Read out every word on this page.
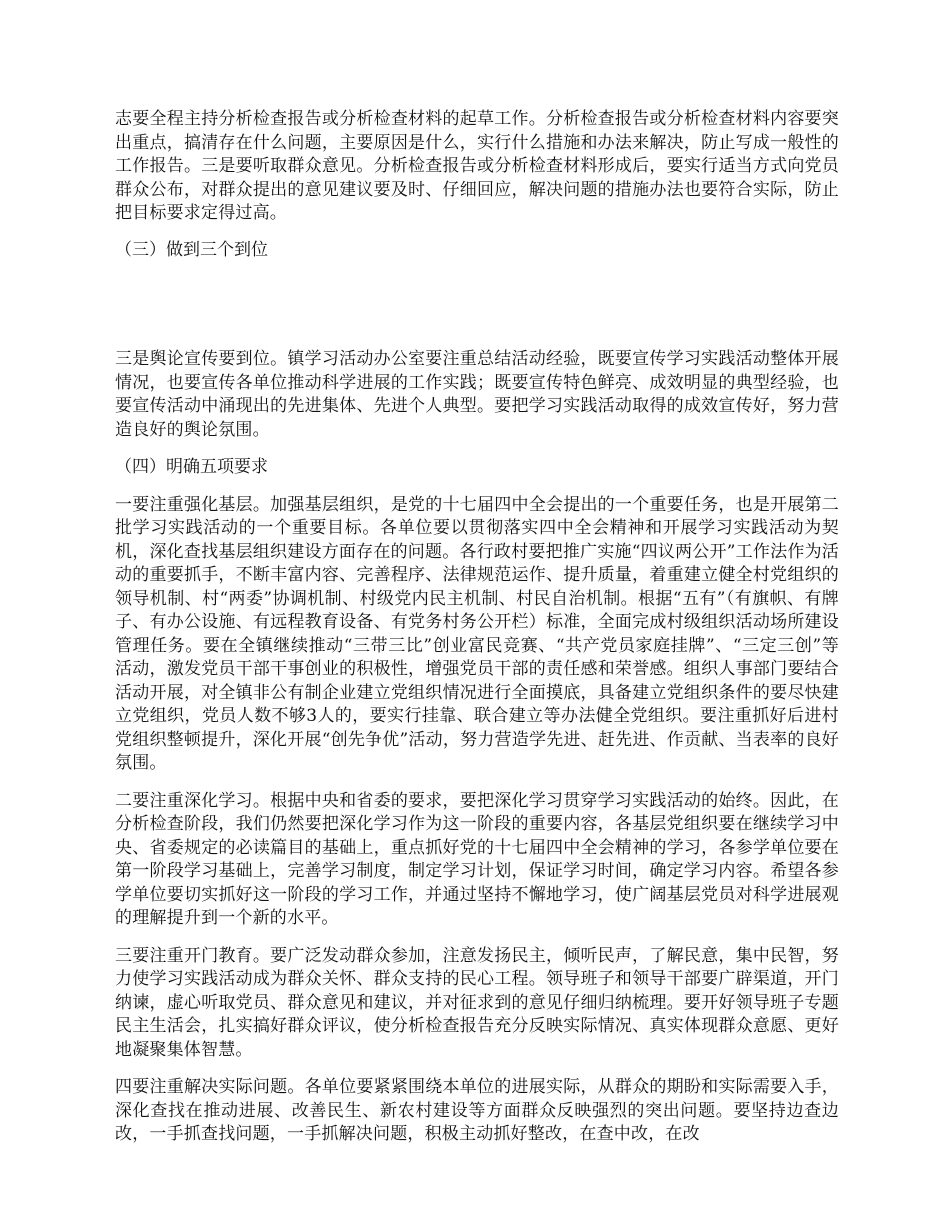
志要全程主持分析检查报告或分析检查材料的起草工作。分析检查报告或分析检查材料内容要突出重点，搞清存在什么问题，主要原因是什么，实行什么措施和办法来解决，防止写成一般性的工作报告。三是要听取群众意见。分析检查报告或分析检查材料形成后，要实行适当方式向党员群众公布，对群众提出的意见建议要及时、仔细回应，解决问题的措施办法也要符合实际，防止把目标要求定得过高。

（三）做到三个到位

三是舆论宣传要到位。镇学习活动办公室要注重总结活动经验，既要宣传学习实践活动整体开展情况，也要宣传各单位推动科学进展的工作实践；既要宣传特色鲜亮、成效明显的典型经验，也要宣传活动中涌现出的先进集体、先进个人典型。要把学习实践活动取得的成效宣传好，努力营造良好的舆论氛围。

（四）明确五项要求

一要注重强化基层。加强基层组织，是党的十七届四中全会提出的一个重要任务，也是开展第二批学习实践活动的一个重要目标。各单位要以贯彻落实四中全会精神和开展学习实践活动为契机，深化查找基层组织建设方面存在的问题。各行政村要把推广实施“四议两公开”工作法作为活动的重要抓手，不断丰富内容、完善程序、法律规范运作、提升质量，着重建立健全村党组织的领导机制、村“两委”协调机制、村级党内民主机制、村民自治机制。根据“五有”（有旗帜、有牌子、有办公设施、有远程教育设备、有党务村务公开栏）标准，全面完成村级组织活动场所建设管理任务。要在全镇继续推动“三带三比”创业富民竞赛、“共产党员家庭挂牌”、“三定三创”等活动，激发党员干部干事创业的积极性，增强党员干部的责任感和荣誉感。组织人事部门要结合活动开展，对全镇非公有制企业建立党组织情况进行全面摸底，具备建立党组织条件的要尽快建立党组织，党员人数不够3人的，要实行挂靠、联合建立等办法健全党组织。要注重抓好后进村党组织整顿提升，深化开展“创先争优”活动，努力营造学先进、赶先进、作贡献、当表率的良好氛围。

二要注重深化学习。根据中央和省委的要求，要把深化学习贯穿学习实践活动的始终。因此，在分析检查阶段，我们仍然要把深化学习作为这一阶段的重要内容，各基层党组织要在继续学习中央、省委规定的必读篇目的基础上，重点抓好党的十七届四中全会精神的学习，各参学单位要在第一阶段学习基础上，完善学习制度，制定学习计划，保证学习时间，确定学习内容。希望各参学单位要切实抓好这一阶段的学习工作，并通过坚持不懈地学习，使广阔基层党员对科学进展观的理解提升到一个新的水平。

三要注重开门教育。要广泛发动群众参加，注意发扬民主，倾听民声，了解民意，集中民智，努力使学习实践活动成为群众关怀、群众支持的民心工程。领导班子和领导干部要广辟渠道，开门纳谏，虚心听取党员、群众意见和建议，并对征求到的意见仔细归纳梳理。要开好领导班子专题民主生活会，扎实搞好群众评议，使分析检查报告充分反映实际情况、真实体现群众意愿、更好地凝聚集体智慧。

四要注重解决实际问题。各单位要紧紧围绕本单位的进展实际，从群众的期盼和实际需要入手，深化查找在推动进展、改善民生、新农村建设等方面群众反映强烈的突出问题。要坚持边查边改，一手抓查找问题，一手抓解决问题，积极主动抓好整改，在查中改，在改
